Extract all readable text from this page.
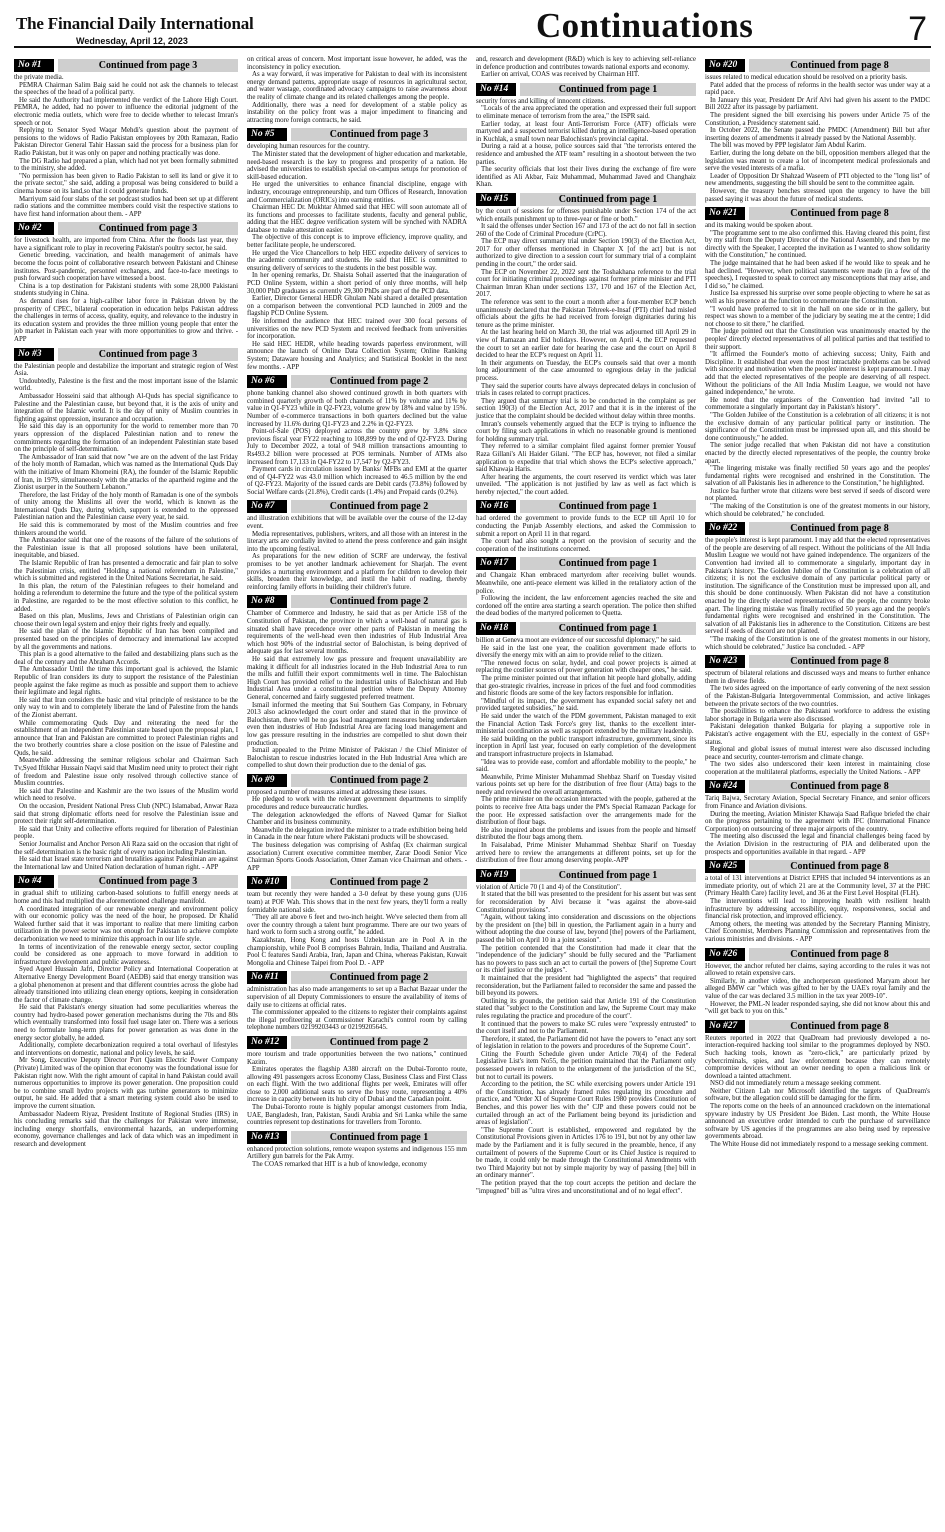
The Financial Daily International
Wednesday, April 12, 2023	Continuations	7
No #1	Continued from page 3

the private media.

PEMRA Chairman Salim Baig said he could not ask the channels to telecast the speeches of the head of a political party.

He said the Authority had implemented the verdict of the Lahore High Court. PEMRA, he added, had no power to influence the editorial judgment of the electronic media outlets, which were free to decide whether to telecast Imran's speech or not.

Replying to Senator Syed Waqar Mehdi's question about the payment of pensions to the widows of Radio Pakistan employees by 20th Ramazan, Radio Pakistan Director General Tahir Hassan said the process for a business plan for Radio Pakistan, but it was only on paper and nothing practically was done.

The DG Radio had prepared a plan, which had not yet been formally submitted to the ministry, she added.

"No permission has been given to Radio Pakistan to sell its land or give it to the private sector," she said, adding a proposal was being considered to build a cinema house on its land,so that it could generate funds.

Marriyum said four slabs of the set podcast studios had been set up at different radio stations and the committee members could visit the respective stations to have first hand information about them. - APP

No #2	Continued from page 3

for livestock health, are imported from China. After the floods last year, they have a significant role to play in recovering Pakistan's poultry sector, he said.

Genetic breeding, vaccination, and health management of animals have become the focus point of collaborative research between Pakistani and Chinese institutes. Post-pandemic, personnel exchanges, and face-to-face meetings to push forward such cooperation have witnessed a boost.

China is a top destination for Pakistani students with some 28,000 Pakistani students studying in China.

As demand rises for a high-caliber labor force in Pakistan driven by the prosperity of CPEC, bilateral cooperation in education helps Pakistan address the challenges in terms of access, quality, equity, and relevance to the industry in its education system and provides the three million young people that enter the job market in Pakistan each year with more opportunities to grow and thrive. - APP

No #3	Continued from page 3

the Palestinian people and destabilize the important and strategic region of West Asia.

Undoubtedly, Palestine is the first and the most important issue of the Islamic world.

Ambassador Hosseini said that although Al-Quds has special significance to Palestine and the Palestinian cause, but beyond that, it is the axis of unity and integration of the Islamic world. It is the day of unity of Muslim countries in fighting against oppression, insurance and occupation.

He said this day is an opportunity for the world to remember more than 70 years oppression of the displaced Palestinian nation and to renew the commitments regarding the formation of an independent Palestinian state based on the principle of self-determination.

The Ambassador of Iran said that now "we are on the advent of the last Friday of the holy month of Ramadan, which was named as the International Quds Day with the initiative of Imam Khomeini (RA), the founder of the Islamic Republic of Iran, in 1979, simultaneously with the attacks of the apartheid regime and the Zionist usurper in the Southern Lebanon."

Therefore, the last Friday of the holy month of Ramadan is one of the symbols of unity among the Muslims all over the world, which is known as the International Quds Day, during which, support is extended to the oppressed Palestinian nation and the Palestinian cause every year, he said.

He said this is commemorated by most of the Muslim countries and free thinkers around the world.

The Ambassador said that one of the reasons of the failure of the solutions of the Palestinian issue is that all proposed solutions have been unilateral, inequitable, and biased.

The Islamic Republic of Iran has presented a democratic and fair plan to solve the Palestinian crisis, entitled "Holding a national referendum in Palestine," which is submitted and registered in the United Nations Secretariat, he said.

In this plan, the return of the Palestinian refugees to their homeland and holding a referendum to determine the future and the type of the political system in Palestine, are regarded to be the most effective solution to this conflict, he added.

Based on this plan, Muslims, Jews and Christians of Palestinian origin can choose their own legal system and enjoy their rights freely and equally.

He said the plan of the Islamic Republic of Iran has been compiled and presented based on the principles of democracy and international law accepted by all the governments and nations.

This plan is a good alternative to the failed and destabilizing plans such as the deal of the century and the Abraham Accords.

The Ambassador Until the time this important goal is achieved, the Islamic Republic of Iran considers its duty to support the resistance of the Palestinian people against the fake regime as much as possible and support them to achieve their legitimate and legal rights.

He said that Iran considers the basic and vital principle of resistance to be the only way to win and to completely liberate the land of Palestine from the hands of the Zionist aberrant.

While commemorating Quds Day and reiterating the need for the establishment of an independent Palestinian state based upon the proposal plan, I announce that Iran and Pakistan are committed to protect Palestinian rights and the two brotherly countries share a close position on the issue of Palestine and Quds, he said.

Meanwhile addressing the seminar religious scholar and Chairman Sach Tv,Syed Iftikhar Hussain Naqvi said that Muslim need unity to protect their right of freedom and Palestine issue only resolved through collective stance of Muslim countries.

He said that Palestine and Kashmir are the two issues of the Muslim world which need to resolve.

On the occasion, President National Press Club (NPC) Islamabad, Anwar Raza said that strong diplomatic efforts need for resolve the Palestinian issue and protect their right self-determination.

He said that Unity and collective efforts required for liberation of Palestinian people.

Senior Journalist and Anchor Person Ali Raza said on the occasion that right of the self-determination is the basic right of every nation including Palestinian.

He said that Israel state terrorism and brutalities against Palestinian are against the International law and United Nation declaration of human right. - APP

No #4	Continued from page 3

in gradual shift to utilizing carbon-based solutions to fulfill energy needs at home and this had multiplied the aforementioned challenge manifold.

A coordinated integration of our renewable energy and environment policy with our economic policy was the need of the hour, he proposed. Dr Khalid Waleed further said that it was important to realize that mere limiting carbon utilization in the power sector was not enough for Pakistan to achieve complete decarbonization we need to minimize this approach in our life style.

In terms of incentivization of the renewable energy sector, sector coupling could be considered as one approach to move forward in addition to infrastructure development and public awareness.

Syed Aqeel Hussain Jafri, Director Policy and International Cooperation at Alternative Energy Development Board (AEDB) said that energy transition was a global phenomenon at present and that different countries across the globe had already transitioned into utilizing clean energy options, keeping in consideration the factor of climate change.

He said that Pakistan's energy situation had some peculiarities whereas the country had hydro-based power generation mechanisms during the 70s and 80s which eventually transformed into fossil fuel usage later on. There was a serious need to formulate long-term plans for power generation as was done in the energy sector globally, he added.

Additionally, complete decarbonization required a total overhaul of lifestyles and interventions on domestic, national and policy levels, he said.

Mr Song, Executive Deputy Director Port Qasim Electric Power Company (Private) Limited was of the opinion that economy was the foundational issue for Pakistan right now. With the right amount of capital in hand Pakistan could avail numerous opportunities to improve its power generation. One proposition could be to combine small hydro projects with gas turbine generators to minimize output, he said. He added that a smart metering system could also be used to improve the current situation.

Ambassador Nadeem Riyaz, President Institute of Regional Studies (IRS) in his concluding remarks said that the challenges for Pakistan were immense, including energy shortfalls, environmental hazards, an underperforming economy, governance challenges and lack of data which was an impediment in research and development

on critical areas of concern. Most important issue however, he added, was the inconsistency in policy execution.

As a way forward, it was imperative for Pakistan to deal with its inconsistent energy demand patterns, appropriate usage of resources in agricultural sector, and water wastage, coordinated advocacy campaigns to raise awareness about the reality of climate change and its related challenges among the people.

Additionally, there was a need for development of a stable policy as instability on the policy front was a major impediment to financing and attracting more foreign contracts, he said.

No #5	Continued from page 3

developing human resources for the country.

The Minister stated that the development of higher education and marketable, need-based research is the key to progress and prosperity of a nation. He advised the universities to establish special on-campus setups for promotion of skill-based education.

He urged the universities to enhance financial discipline, engage with industry, encourage entrepreneurship, and turn Offices of Research, Innovation and Commercialization (ORICs) into earning entities.

Chairman HEC Dr. Mukhtar Ahmed said that HEC will soon automate all of its functions and processes to facilitate students, faculty and general public, adding that the HEC degree verification system will be synched with NADRA database to make attestation easier.

The objective of this concept is to improve efficiency, improve quality, and better facilitate people, he underscored.

He urged the Vice Chancellors to help HEC expedite delivery of services to the academic community and students. He said that HEC is committed to ensuring delivery of services to the students in the best possible way.

In her opening remarks, Dr. Shaista Sohail asserted that the inauguration of PCD Online System, within a short period of only three months, will help 30,000 PhD graduates as currently 29,300 PhDs are part of the PCD data.

Earlier, Director General HEDR Ghulam Nabi shared a detailed presentation on a comparison between the conventional PCD launched in 2009 and the flagship PCD Online System.

He informed the audience that HEC trained over 300 focal persons of universities on the new PCD System and received feedback from universities for incorporation.

He said HEC HEDR, while heading towards paperless environment, will announce the launch of Online Data Collection System; Online Ranking System; Dataware housing and Analytics; and Statistical Booklet in the next few months. - APP

No #6	Continued from page 2

phone banking channel also showed continued growth in both quarters with combined quarterly growth of both channels of 11% by volume and 11% by value in Q1-FY23 while in Q2-FY23, volume grew by 18% and value by 15%. Number of e-commerce transactions in both quarters declined but the value increased by 11.6% during Q1-FY23 and 2.2% in Q2-FY23.

Point-of-Sale (POS) deployed across the country grew by 3.8% since previous fiscal year FY22 reaching to 108,899 by the end of Q2-FY23. During July to December 2022, a total of 94.8 million transactions amounting to Rs493.2 billion were processed at POS terminals. Number of ATMs also increased from 17,133 in Q4-FY22 to 17,547 by Q2-FY23.

Payment cards in circulation issued by Banks/ MFBs and EMI at the quarter end of Q4-FY22 was 43.0 million which increased to 46.5 million by the end of Q2-FY23. Majority of the issued cards are Debit cards (73.8%) followed by Social Welfare cards (21.8%), Credit cards (1.4%) and Prepaid cards (0.2%).

No #7	Continued from page 2

and illustration exhibitions that will be available over the course of the 12-day event.

Media representatives, publishers, writers, and all those with an interest in the literary arts are cordially invited to attend the press conference and gain insight into the upcoming festival.

As preparations for the new edition of SCRF are underway, the festival promises to be yet another landmark achievement for Sharjah. The event provides a nurturing environment and a platform for children to develop their skills, broaden their knowledge, and instil the habit of reading, thereby reinforcing family efforts in building their children's future.

No #8	Continued from page 2

Chamber of Commerce and Industry, he said that as per Article 158 of the Constitution of Pakistan, the province in which a well-head of natural gas is situated shall have precedence over other parts of Pakistan in meeting the requirements of the well-head even then industries of Hub Industrial Area which host 90% of the industrial sector of Balochistan, is being deprived of adequate gas for last several months.

He said that extremely low gas pressure and frequent unavailability are making it difficult for all industries located in the Hub Industrial Area to run the mills and fulfill their export commitments well in time. The Balochistan High Court has provided relief to the industrial units of Balochistan and Hub Industrial Area under a constitutional petition where the Deputy Attorney General, concerned and fairly suggested preferred treatment.

Ismail informed the meeting that Sui Southern Gas Company, in February 2013 also acknowledged the court order and stated that in the province of Balochistan, there will be no gas load management measures being undertaken even then industries of Hub Industrial Area are facing load management and low gas pressure resulting in the industries are compelled to shut down their production.

Ismail appealed to the Prime Minister of Pakistan / the Chief Minister of Balochistan to rescue industries located in the Hub Industrial Area which are compelled to shut down their production due to the denial of gas.

No #9	Continued from page 2

proposed a number of measures aimed at addressing these issues.

He pledged to work with the relevant government departments to simplify procedures and reduce bureaucratic hurdles.

The delegation acknowledged the efforts of Naveed Qamar for Sialkot Chamber and its business community.

Meanwhile the delegation invited the minister to a trade exhibition being held in Canada in the near future where Pakistani products will be showcased.

The business delegation was comprising of Ashfaq (Ex chairman surgical association) Current executive committee member, Zarar Doodi Senior Vice Chairman Sports Goods Association, Omer Zaman vice Chairman and others. - APP

No #10	Continued from page 2

team but recently they were handed a 3-0 defeat by these young guns (U16 team) at POF Wah. This shows that in the next few years, they'll form a really formidable national side.

"They all are above 6 feet and two-inch height. We've selected them from all over the country through a talent hunt programme. There are our two years of hard work to form such a strong outfit," he added.

Kazakhstan, Hong Kong and hosts Uzbekistan are in Pool A in the championship, while Pool B comprises Bahrain, India, Thailand and Australia. Pool C features Saudi Arabia, Iran, Japan and China, whereas Pakistan, Kuwait Mongolia and Chinese Taipei from Pool D. - APP

No #11	Continued from page 2

administration has also made arrangements to set up a Bachat Bazaar under the supervision of all Deputy Commissioners to ensure the availability of items of daily use to citizens at official rates.

The commissioner appealed to the citizens to register their complaints against the illegal profiteering at Commissioner Karachi's control room by calling telephone numbers 02199203443 or 02199205645.

No #12	Continued from page 2

more tourism and trade opportunities between the two nations," continued Kazim.

Emirates operates the flagship A380 aircraft on the Dubai-Toronto route, allowing 491 passengers across Economy Class, Business Class and First Class on each flight. With the two additional flights per week, Emirates will offer close to 2,000 additional seats to serve the busy route, representing a 40% increase in capacity between its hub city of Dubai and the Canadian point.

The Dubai-Toronto route is highly popular amongst customers from India, UAE, Bangladesh, Iran, Pakistan, Saudi Arabia and Sri Lanka while the same countries represent top destinations for travellers from Toronto.

No #13	Continued from page 1

enhanced protection solutions, remote weapon systems and indigenous 155 mm Artillery gun barrels for the Pak Army.

The COAS remarked that HIT is a hub of knowledge, economy

and, research and development (R&D) which is key to achieving self-reliance in defence production and contributes towards national exports and economy.

Earlier on arrival, COAS was received by Chairman HIT.

No #14	Continued from page 1

security forces and killing of innocent citizens.

"Locals of the area appreciated the operation and expressed their full support to eliminate menace of terrorism from the area," the ISPR said.

Earlier today, at least four Anti-Terrorism Force (ATF) officials were martyred and a suspected terrorist killed during an intelligence-based operation in Kuchlak, a small town near Balochistan's provincial capital.

During a raid at a house, police sources said that "the terrorists entered the residence and ambushed the ATF team" resulting in a shootout between the two parties.

The security officials that lost their lives during the exchange of fire were identified as Ali Akbar, Faiz Muhammad, Muhammad Javed and Changhaiz Khan.

No #15	Continued from page 1

by the court of sessions for offenses punishable under Section 174 of the act which entails punishment up to three-year or fine or both."

It said the offenses under Section 167 and 173 of the act do not fall in section 260 of the Code of Criminal Procedure (CrPC).

The ECP may direct summary trial under Section 190(3) of the Election Act, 2017 for other offenses mentioned in Chapter X [of the act] but is not authorized to give direction to a session court for summary trial of a complaint pending in the court," the order said.

The ECP on November 22, 2022 sent the Toshakhana reference to the trial court for initiating criminal proceedings against former prime minister and PTI Chairman Imran Khan under sections 137, 170 and 167 of the Election Act, 2017.

The reference was sent to the court a month after a four-member ECP bench unanimously declared that the Pakistan Tehreek-e-Insaf (PTI) chief had misled officials about the gifts he had received from foreign dignitaries during his tenure as the prime minister.

At the last hearing held on March 30, the trial was adjourned till April 29 in view of Ramazan and Eid holidays. However, on April 4, the ECP requested the court to set an earlier date for hearing the case and the court on April 8 decided to hear the ECP's request on April 11.

In their arguments on Tuesday, the ECP's counsels said that over a month long adjournment of the case amounted to egregious delay in the judicial process.

They said the superior courts have always deprecated delays in conclusion of trials in cases related to corrupt practices.

They argued that summary trial is to be conducted in the complaint as per section 190(3) of the Election Act, 2017 and that it is in the interest of the justice that the complaint should be decided without delay within three months.

Imran's counsels vehemently argued that the ECP is trying to influence the court by filing such applications in which no reasonable ground is mentioned for holding summary trial.

They referred to a similar complaint filed against former premier Yousuf Raza Gillani's Ali Haider Gilani. "The ECP has, however, not filed a similar application to expedite that trial which shows the ECP's selective approach," said Khawaja Haris.

After hearing the arguments, the court reserved its verdict which was later unveiled. "The application is not justified by law as well as fact which is hereby rejected," the court added.

No #16	Continued from page 1

had ordered the government to provide funds to the ECP till April 10 for conducting the Punjab Assembly elections, and asked the Commission to submit a report on April 11 in that regard.

The court had also sought a report on the provision of security and the cooperation of the institutions concerned.

No #17	Continued from page 1

and Changaiz Khan embraced martyrdom after receiving bullet wounds. Meanwhile, one anti-peace element was killed in the retaliatory action of the police.

Following the incident, the law enforcement agencies reached the site and cordoned off the entire area starting a search operation. The police then shifted the dead bodies of the martyred policemen to Quetta.

No #18	Continued from page 1

billion at Geneva moot are evidence of our successful diplomacy," he said.

He said in the last one year, the coalition government made efforts to diversify the energy mix with an aim to provide relief to the citizen.

"The renewed focus on solar, hydel, and coal power projects is aimed at replacing the costlier sources of power generation with cheaper ones," he said.

The prime minister pointed out that inflation hit people hard globally, adding that geo-strategic rivalries, increase in prices of the fuel and food commodities and historic floods are some of the key factors responsible for inflation.

"Mindful of its impact, the government has expanded social safety net and provided targeted subsidies," he said.

He said under the watch of the PDM government, Pakistan managed to exit the Financial Action Task Force's grey list, thanks to the excellent inter-ministerial coordination as well as support extended by the military leadership.

He said building on the public transport infrastructure, government, since its inception in April last year, focused on early completion of the development and transport infrastructure projects in Islamabad.

"Idea was to provide ease, comfort and affordable mobility to the people," he said.

Meanwhile, Prime Minister Muhammad Shehbaz Sharif on Tuesday visited various points set up here for the distribution of free flour (Atta) bags to the needy and reviewed the overall arrangements.

The prime minister on the occasion interacted with the people, gathered at the points to receive free Atta bags under the PM's Special Ramazan Package for the poor. He expressed satisfaction over the arrangements made for the distribution of flour bags.

He also inquired about the problems and issues from the people and himself distributed the flour bags among them.

In Faisalabad, Prime Minister Muhammad Shehbaz Sharif on Tuesday arrived here to review the arrangements at different points, set up for the distribution of free flour among deserving people.-APP

No #19	Continued from page 1

violation of Article 70 (1 and 4) of the Constitution".

It stated that the bill was presented to the president for his assent but was sent for reconsideration by Alvi because it "was against the above-said Constitutional provisions".

"Again, without taking into consideration and discussions on the objections by the president on [the] bill in question, the Parliament again in a hurry and without adopting the due course of law, beyond [the] powers of the Parliament, passed the bill on April 10 in a joint session".

The petition contended that the Constitution had made it clear that the "independence of the judiciary" should be fully secured and the "Parliament has no powers to pass such an act to curtail the powers of [the] Supreme Court or its chief justice or the judges".

It maintained that the president had "highlighted the aspects" that required reconsideration, but the Parliament failed to reconsider the same and passed the bill beyond its powers.

Outlining its grounds, the petition said that Article 191 of the Constitution stated that "subject to the Constitution and law, the Supreme Court may make rules regulating the practice and procedure of the court".

It continued that the powers to make SC rules were "expressly entrusted" to the court itself and not to the Parliament.

Therefore, it stated, the Parliament did not have the powers to "enact any sort of legislation in relation to the powers and procedures of the Supreme Court".

Citing the Fourth Schedule given under Article 70(4) of the Federal Legislative List's item No55, the petition maintained that the Parliament only possessed powers in relation to the enlargement of the jurisdiction of the SC, but not to curtail its powers.

According to the petition, the SC while exercising powers under Article 191 of the Constitution, has already framed rules regulating its procedure and practice, and "Order XI of Supreme Court Rules 1980 provides Constitution of Benches, and this power lies with the" CJP and these powers could not be curtailed through an act of the Parliament being beyond its jurisdiction and areas of legislation".

"The Supreme Court is established, empowered and regulated by the Constitutional Provisions given in Articles 176 to 191, but not by any other law made by the Parliament and it is fully secured in the preamble, hence, if any curtailment of powers of the Supreme Court or its Chief Justice is required to be made, it could only be made through the Constitutional Amendments with two Third Majority but not by simple majority by way of passing [the] bill in an ordinary manner".

The petition prayed that the top court accepts the petition and declare the "impugned" bill as "ultra vires and unconstitutional and of no legal effect".

No #20	Continued from page 8

issues related to medical education should be resolved on a priority basis.

Patel added that the process of reforms in the health sector was under way at a rapid pace.

In January this year, President Dr Arif Alvi had given his assent to the PMDC Bill 2022 after its passage by parliament.

The president signed the bill exercising his powers under Article 75 of the Constitution, a Presidency statement said.

In October 2022, the Senate passed the PMDC (Amendment) Bill but after inserting dozens of amendments it already passed by the National Assembly.

The bill was moved by PPP legislator Jam Abdul Karim.

Earlier, during the long debate on the bill, opposition members alleged that the legislation was meant to create a lot of incompetent medical professionals and serve the vested interests of a mafia.

Leader of Opposition Dr Shahzad Waseem of PTI objected to the "long list" of new amendments, suggesting the bill should be sent to the committee again.

However, the treasury benches stressed upon the urgency to have the bill passed saying it was about the future of medical students.

No #21	Continued from page 8

and its making would be spoken about.

"The programme sent to me also confirmed this. Having cleared this point, first by my staff from the Deputy Director of the National Assembly, and then by me directly with the Speaker, I accepted the invitation as I wanted to show solidarity with the Constitution," he continued.

The judge maintained that he had been asked if he would like to speak and he had declined. "However, when political statements were made (in a few of the speeches), I requested to speak to correct any misconceptions that may arise, and I did so," he claimed.

Justice Isa expressed his surprise over some people objecting to where he sat as well as his presence at the function to commemorate the Constitution.

"I would have preferred to sit in the hall on one side or in the gallery, but respect was shown to a member of the judiciary by seating me at the centre; I did not choose to sit there," he clarified.

The judge pointed out that the Constitution was unanimously enacted by the peoples' directly elected representatives of all political parties and that testified to their support.

"It affirmed the Founder's motto of achieving success; Unity, Faith and Discipline. It established that even the most intractable problems can be solved with sincerity and motivation when the peoples' interest is kept paramount. I may add that the elected representatives of the people are deserving of all respect. Without the politicians of the All India Muslim League, we would not have gained independence," he wrote.

He noted that the organisers of the Convention had invited "all to commemorate a singularly important day in Pakistan's history".

"The Golden Jubilee of the Constitution is a celebration of all citizens; it is not the exclusive domain of any particular political party or institution. The significance of the Constitution must be impressed upon all, and this should be done continuously," he added.

The senior judge recalled that when Pakistan did not have a constitution enacted by the directly elected representatives of the people, the country broke apart.

"The lingering mistake was finally rectified 50 years ago and the peoples' fundamental rights were recognised and enshrined in the Constitution. The salvation of all Pakistanis lies in adherence to the Constitution," he highlighted.

Justice Isa further wrote that citizens were best served if seeds of discord were not planted.

"The making of the Constitution is one of the greatest moments in our history, which should be celebrated," he concluded.

No #22	Continued from page 8

the people's interest is kept paramount. I may add that the elected representatives of the people are deserving of all respect. Without the politicians of the All India Muslim League we would not have gained independence. The organizers of the Convention had invited all to commemorate a singularly, important day in Pakistan's history. The Golden Jubilee of the Constitution is a celebration of all citizens; it is not the exclusive domain of any particular political party or institution. The significance of the Constitution must be impressed upon all, and this should be done continuously. When Pakistan did not have a constitution enacted by the directly elected representatives of the people, the country broke apart. The lingering mistake was finally rectified 50 years ago and the people's fundamental rights were recognised and enshrined in the Constitution. The salvation of all Pakistanis lies in adherence to the Constitution. Citizens are best served if seeds of discord are not planted.

"The making of the Constitution is one of the greatest moments in our history, which should be celebrated," Justice Isa concluded. - APP

No #23	Continued from page 8

spectrum of bilateral relations and discussed ways and means to further enhance them in diverse fields.

The two sides agreed on the importance of early convening of the next session of the Pakistan-Bulgaria Intergovernmental Commission, and active linkages between the private sectors of the two countries.

The possibilities to enhance the Pakistani workforce to address the existing labor shortage in Bulgaria were also discussed.

Pakistani delegation thanked Bulgaria for playing a supportive role in Pakistan's active engagement with the EU, especially in the context of GSP+ status.

Regional and global issues of mutual interest were also discussed including peace and security, counter-terrorism and climate change.

The two sides also underscored their keen interest in maintaining close cooperation at the multilateral platforms, especially the United Nations. - APP

No #24	Continued from page 8

Tariq Bajwa, Secretary Aviation, Special Secretary Finance, and senior officers from Finance and Aviation divisions.

During the meeting, Aviation Minister Khawaja Saad Rafique briefed the chair on the progress pertaining to the agreement with IFC (International Finance Corporation) on outsourcing of three major airports of the country.

The meeting also discussed the legal and financial challenges being faced by the Aviation Division in the restructuring of PIA and deliberated upon the prospects and opportunities available in that regard. - APP

No #25	Continued from page 8

a total of 131 interventions at District EPHS that included 94 interventions as an immediate priority, out of which 21 are at the Community level, 37 at the PHC (Primary Health Care) facility level, and 36 at the First Level Hospital (FLH).

The interventions will lead to improving health with resilient health infrastructure by addressing accessibility, equity, responsiveness, social and financial risk protection, and improved efficiency.

Among others, the meeting was attended by the Secretary Planning Ministry, Chief Economist, Members Planning Commission and representatives from the various ministries and divisions. - APP

No #26	Continued from page 8

However, the anchor refuted her claims, saying according to the rules it was not allowed to retain expensive cars.

Similarly, in another video, the anchorperson questioned Maryam about her alleged BMW car "which was gifted to her by the UAE's royal family and the value of the car was declared 3.5 million in the tax year 2009-10".

However, the PML-N leader responded saying, she did not know about this and "will get back to you on this."

No #27	Continued from page 8

Reuters reported in 2022 that QuaDream had previously developed a no-interaction-required hacking tool similar to the programmes deployed by NSO. Such hacking tools, known as "zero-click," are particularly prized by cybercriminals, spies, and law enforcement because they can remotely compromise devices without an owner needing to open a malicious link or download a tainted attachment.

NSO did not immediately return a message seeking comment.

Neither Citizen Lab nor Microsoft identified the targets of QuaDream's software, but the allegation could still be damaging for the firm.

The reports come on the heels of an announced crackdown on the international spyware industry by US President Joe Biden. Last month, the White House announced an executive order intended to curb the purchase of surveillance software by US agencies if the programmes are also being used by repressive governments abroad.

The White House did not immediately respond to a message seeking comment.
